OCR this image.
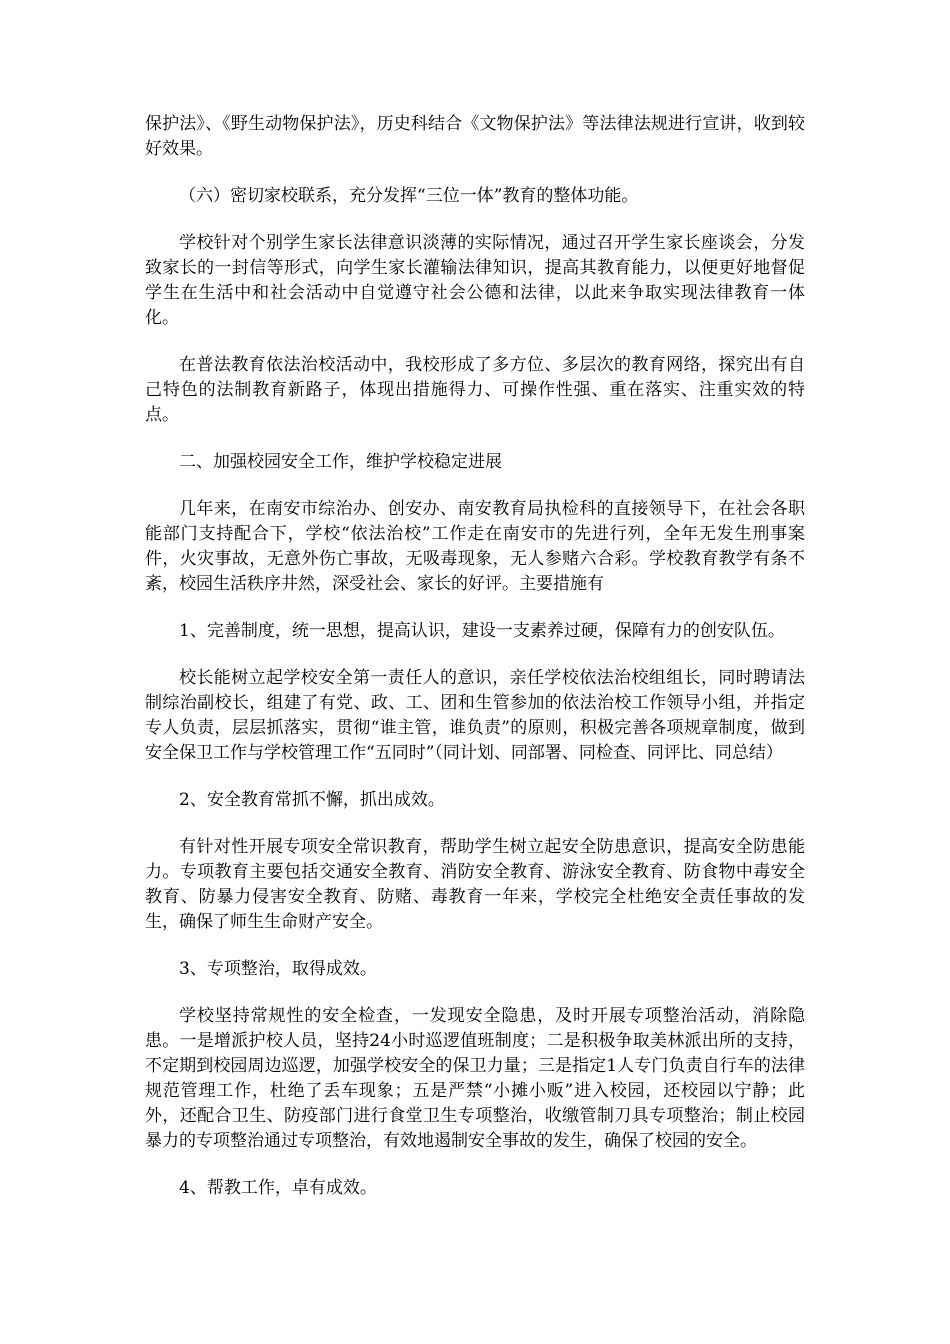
保护法》、《野生动物保护法》，历史科结合《文物保护法》等法律法规进行宣讲，收到较好效果。

（六）密切家校联系，充分发挥“三位一体”教育的整体功能。

学校针对个别学生家长法律意识淡薄的实际情况，通过召开学生家长座谈会，分发致家长的一封信等形式，向学生家长灌输法律知识，提高其教育能力，以便更好地督促学生在生活中和社会活动中自觉遵守社会公德和法律，以此来争取实现法律教育一体化。

在普法教育依法治校活动中，我校形成了多方位、多层次的教育网络，探究出有自己特色的法制教育新路子，体现出措施得力、可操作性强、重在落实、注重实效的特点。

二、加强校园安全工作，维护学校稳定进展

几年来，在南安市综治办、创安办、南安教育局执检科的直接领导下，在社会各职能部门支持配合下，学校“依法治校”工作走在南安市的先进行列，全年无发生刑事案件，火灾事故，无意外伤亡事故，无吸毒现象，无人参赌六合彩。学校教育教学有条不紊，校园生活秩序井然，深受社会、家长的好评。主要措施有

1、完善制度，统一思想，提高认识，建设一支素养过硬，保障有力的创安队伍。

校长能树立起学校安全第一责任人的意识，亲任学校依法治校组组长，同时聘请法制综治副校长，组建了有党、政、工、团和生管参加的依法治校工作领导小组，并指定专人负责，层层抓落实，贯彻“谁主管，谁负责”的原则，积极完善各项规章制度，做到安全保卫工作与学校管理工作“五同时”（同计划、同部署、同检查、同评比、同总结）

2、安全教育常抓不懈，抓出成效。

有针对性开展专项安全常识教育，帮助学生树立起安全防患意识，提高安全防患能力。专项教育主要包括交通安全教育、消防安全教育、游泳安全教育、防食物中毒安全教育、防暴力侵害安全教育、防赌、毒教育一年来，学校完全杜绝安全责任事故的发生，确保了师生生命财产安全。

3、专项整治，取得成效。

学校坚持常规性的安全检查，一发现安全隐患，及时开展专项整治活动，消除隐患。一是增派护校人员，坚持24小时巡逻值班制度；二是积极争取美林派出所的支持，不定期到校园周边巡逻，加强学校安全的保卫力量；三是指定1人专门负责自行车的法律规范管理工作，杜绝了丢车现象；五是严禁“小摊小贩”进入校园，还校园以宁静；此外，还配合卫生、防疫部门进行食堂卫生专项整治，收缴管制刀具专项整治；制止校园暴力的专项整治通过专项整治，有效地遏制安全事故的发生，确保了校园的安全。

4、帮教工作，卓有成效。
